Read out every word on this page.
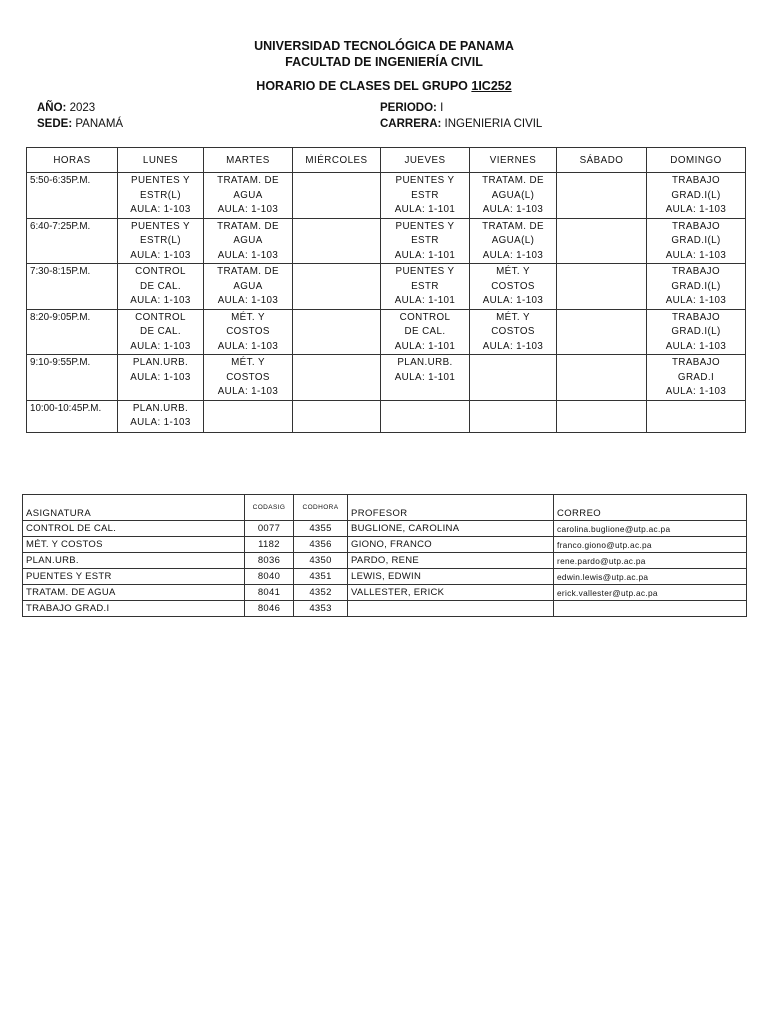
UNIVERSIDAD TECNOLÓGICA DE PANAMA
FACULTAD DE INGENIERÍA CIVIL
HORARIO DE CLASES DEL GRUPO 1IC252
AÑO: 2023
SEDE: PANAMÁ
PERIODO: I
CARRERA: INGENIERIA CIVIL
HORAS	LUNES	MARTES	MIÉRCOLES	JUEVES	VIERNES	SÁBADO	DOMINGO
5:50-6:35P.M.	PUENTES Y
ESTR(L)
AULA: 1-103	TRATAM. DE
AGUA
AULA: 1-103		PUENTES Y
ESTR
AULA: 1-101	TRATAM. DE
AGUA(L)
AULA: 1-103		TRABAJO
GRAD.I(L)
AULA: 1-103

6:40-7:25P.M.	PUENTES Y
ESTR(L)
AULA: 1-103	TRATAM. DE
AGUA
AULA: 1-103		PUENTES Y
ESTR
AULA: 1-101	TRATAM. DE
AGUA(L)
AULA: 1-103		TRABAJO
GRAD.I(L)
AULA: 1-103

7:30-8:15P.M.	CONTROL
DE CAL.
AULA: 1-103	TRATAM. DE
AGUA
AULA: 1-103		PUENTES Y
ESTR
AULA: 1-101	MÉT. Y
COSTOS
AULA: 1-103		TRABAJO
GRAD.I(L)
AULA: 1-103

8:20-9:05P.M.	CONTROL
DE CAL.
AULA: 1-103	MÉT. Y
COSTOS
AULA: 1-103		CONTROL
DE CAL.
AULA: 1-101	MÉT. Y
COSTOS
AULA: 1-103		TRABAJO
GRAD.I(L)
AULA: 1-103

9:10-9:55P.M.	PLAN.URB.
AULA: 1-103	MÉT. Y
COSTOS
AULA: 1-103		PLAN.URB.
AULA: 1-101			TRABAJO
GRAD.I
AULA: 1-103

10:00-10:45P.M.	PLAN.URB.
AULA: 1-103						

ASIGNATURA	CODASIG	CODHORA	PROFESOR	CORREO
CONTROL DE CAL.	0077	4355	BUGLIONE, CAROLINA	carolina.buglione@utp.ac.pa
MÉT. Y COSTOS	1182	4356	GIONO, FRANCO	franco.giono@utp.ac.pa
PLAN.URB.	8036	4350	PARDO, RENE	rene.pardo@utp.ac.pa
PUENTES Y ESTR	8040	4351	LEWIS, EDWIN	edwin.lewis@utp.ac.pa
TRATAM. DE AGUA	8041	4352	VALLESTER, ERICK	erick.vallester@utp.ac.pa
TRABAJO GRAD.I	8046	4353		
